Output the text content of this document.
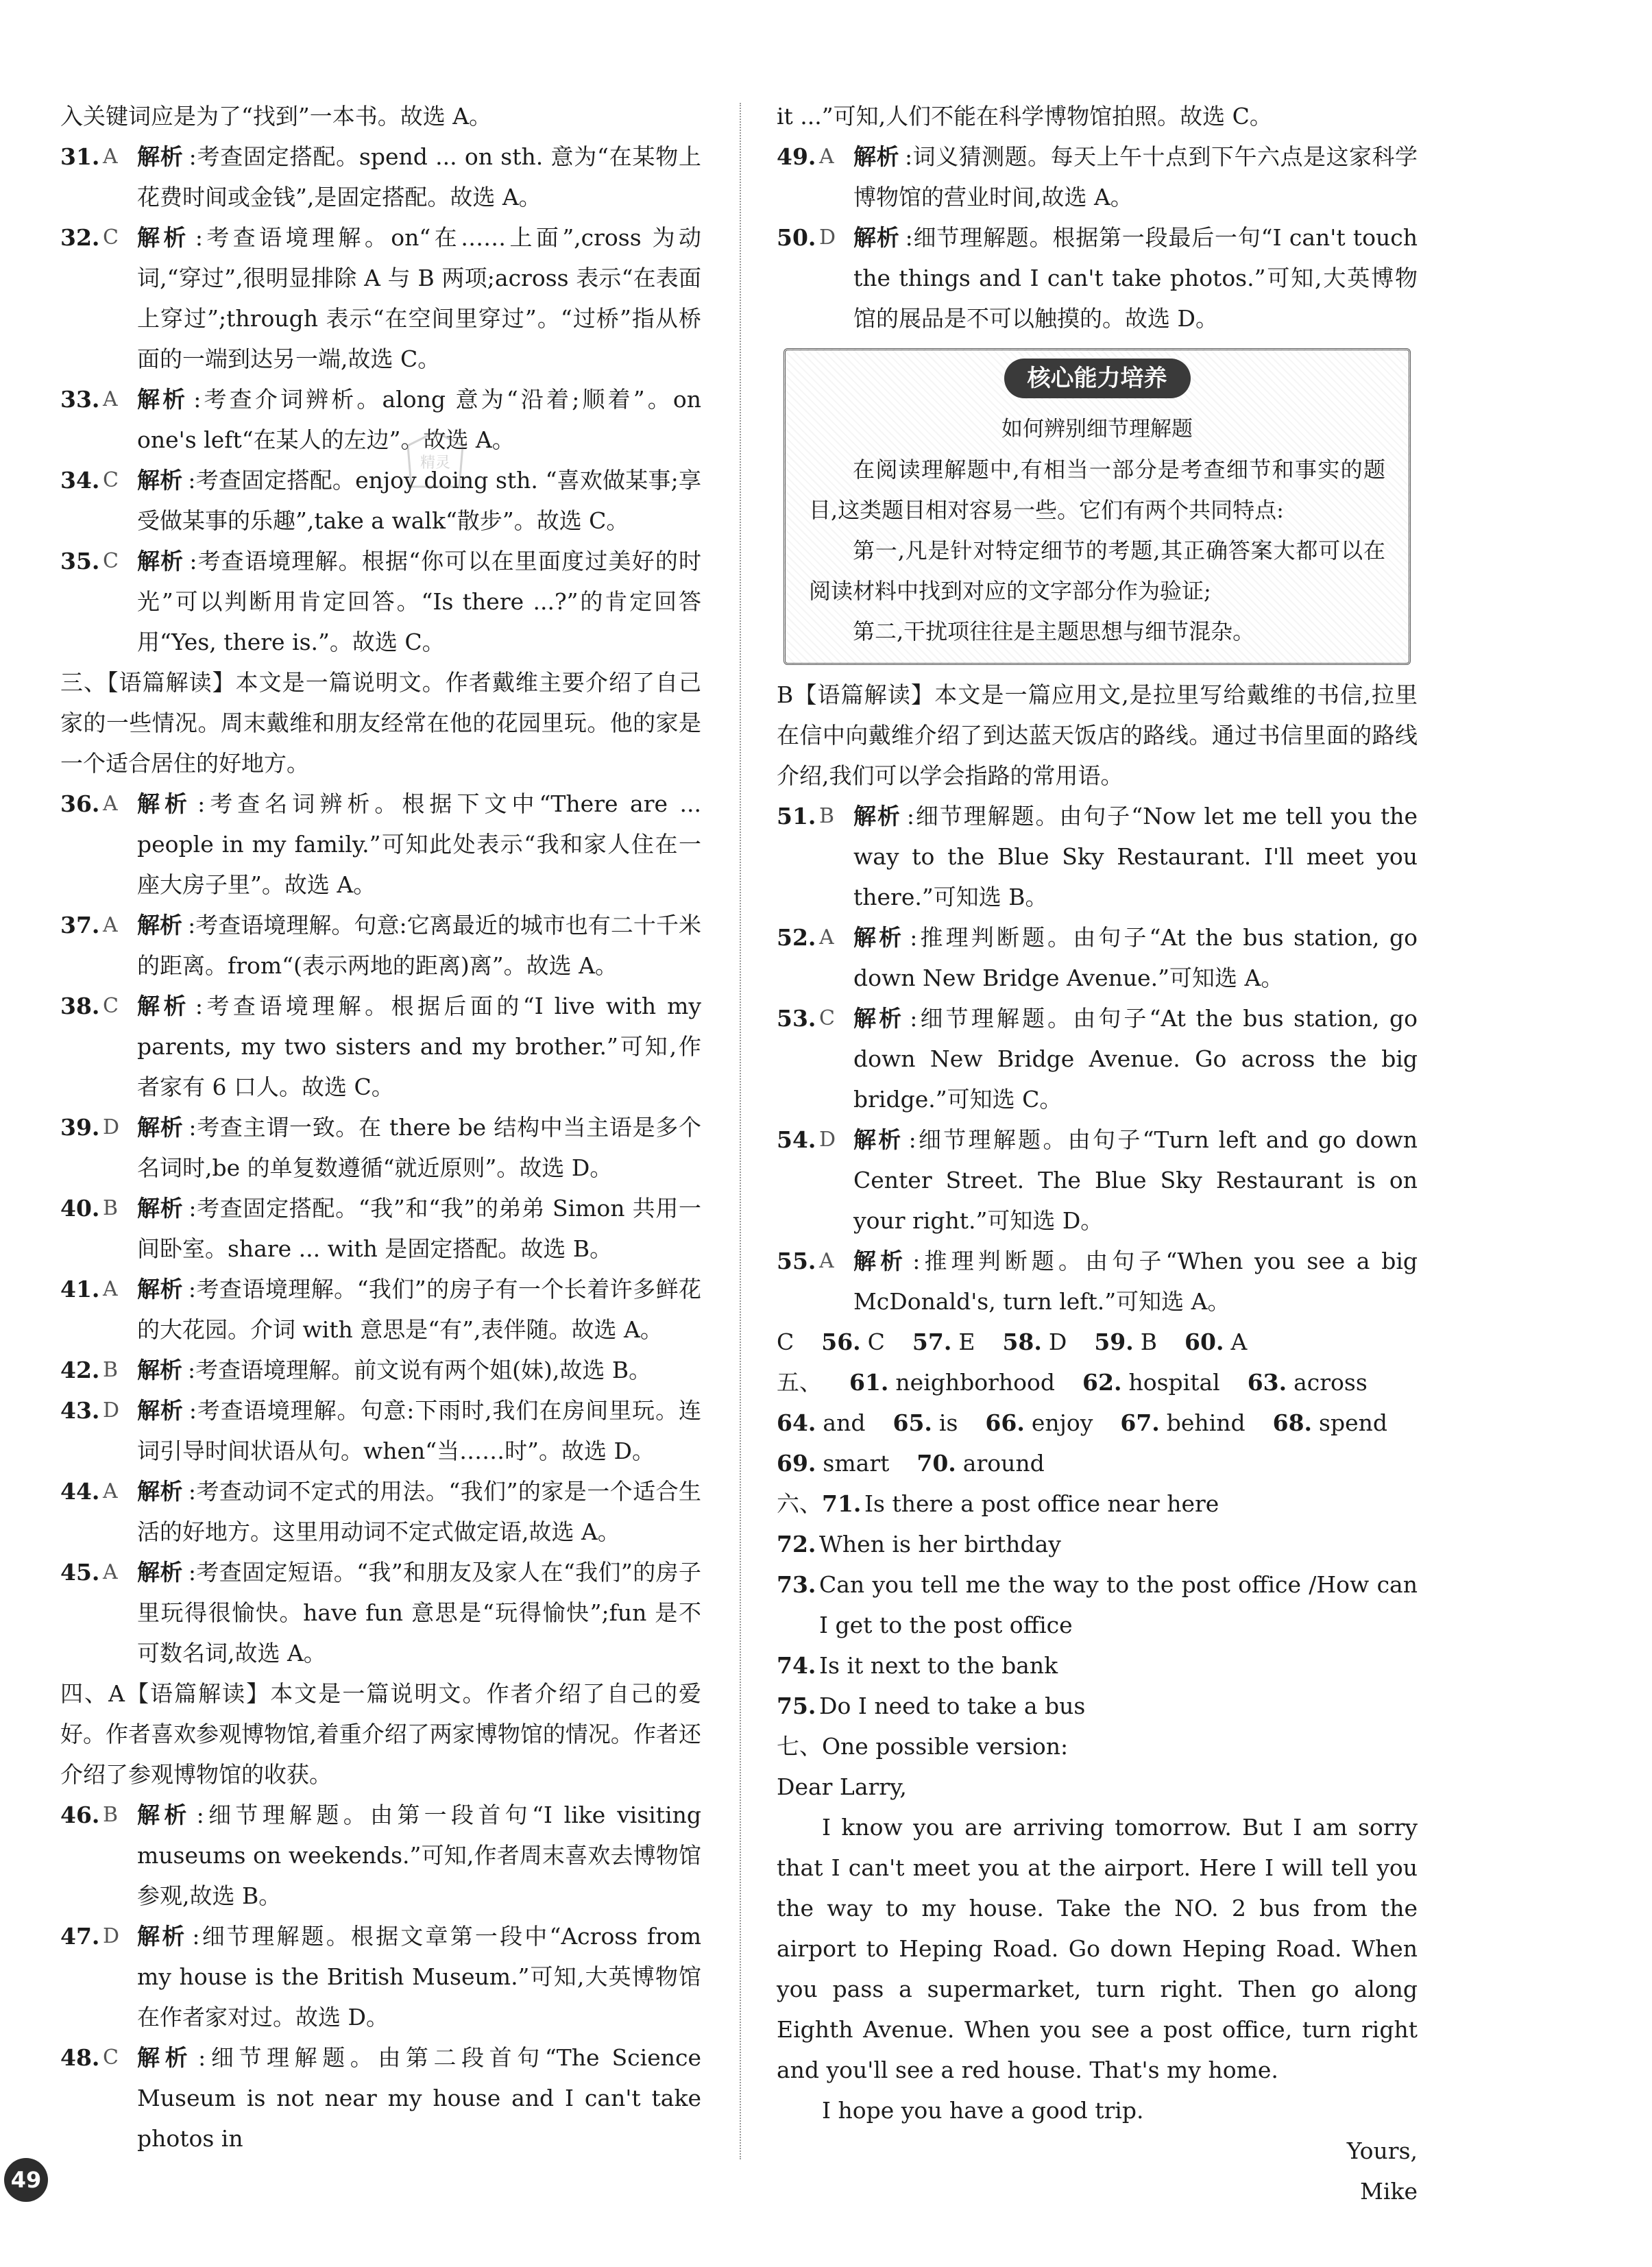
入关键词应是为了“找到”一本书。故选 A。
31. A 解析 :考查固定搭配。spend ... on sth. 意为“在某物上花费时间或金钱”,是固定搭配。故选 A。
32. C 解析 :考查语境理解。on“在……上面”,cross 为动词,“穿过”,很明显排除 A 与 B 两项;across 表示“在表面上穿过”;through 表示“在空间里穿过”。“过桥”指从桥面的一端到达另一端,故选 C。
33. A 解析 :考查介词辨析。along 意为“沿着;顺着”。on one's left“在某人的左边”。故选 A。
34. C 解析 :考查固定搭配。enjoy doing sth. “喜欢做某事;享受做某事的乐趣”,take a walk“散步”。故选 C。
35. C 解析 :考查语境理解。根据“你可以在里面度过美好的时光”可以判断用肯定回答。“Is there ...?”的肯定回答用“Yes, there is.”。故选 C。
三、【语篇解读】本文是一篇说明文。作者戴维主要介绍了自己家的一些情况。周末戴维和朋友经常在他的花园里玩。他的家是一个适合居住的好地方。
36. A 解析 :考查名词辨析。根据下文中“There are ... people in my family.”可知此处表示“我和家人住在一座大房子里”。故选 A。
37. A 解析 :考查语境理解。句意:它离最近的城市也有二十千米的距离。from“(表示两地的距离)离”。故选 A。
38. C 解析 :考查语境理解。根据后面的“I live with my parents, my two sisters and my brother.”可知,作者家有 6 口人。故选 C。
39. D 解析 :考查主谓一致。在 there be 结构中当主语是多个名词时,be 的单复数遵循“就近原则”。故选 D。
40. B 解析 :考查固定搭配。“我”和“我”的弟弟 Simon 共用一间卧室。share ... with 是固定搭配。故选 B。
41. A 解析 :考查语境理解。“我们”的房子有一个长着许多鲜花的大花园。介词 with 意思是“有”,表伴随。故选 A。
42. B 解析 :考查语境理解。前文说有两个姐(妹),故选 B。
43. D 解析 :考查语境理解。句意:下雨时,我们在房间里玩。连词引导时间状语从句。when“当……时”。故选 D。
44. A 解析 :考查动词不定式的用法。“我们”的家是一个适合生活的好地方。这里用动词不定式做定语,故选 A。
45. A 解析 :考查固定短语。“我”和朋友及家人在“我们”的房子里玩得很愉快。have fun 意思是“玩得愉快”;fun 是不可数名词,故选 A。
四、A【语篇解读】本文是一篇说明文。作者介绍了自己的爱好。作者喜欢参观博物馆,着重介绍了两家博物馆的情况。作者还介绍了参观博物馆的收获。
46. B 解析 :细节理解题。由第一段首句“I like visiting museums on weekends.”可知,作者周末喜欢去博物馆参观,故选 B。
47. D 解析 :细节理解题。根据文章第一段中“Across from my house is the British Museum.”可知,大英博物馆在作者家对过。故选 D。
48. C 解析 :细节理解题。由第二段首句“The Science Museum is not near my house and I can't take photos in
it ...”可知,人们不能在科学博物馆拍照。故选 C。
49. A 解析 :词义猜测题。每天上午十点到下午六点是这家科学博物馆的营业时间,故选 A。
50. D 解析 :细节理解题。根据第一段最后一句“I can't touch the things and I can't take photos.”可知,大英博物馆的展品是不可以触摸的。故选 D。
核心能力培养
如何辨别细节理解题
在阅读理解题中,有相当一部分是考查细节和事实的题目,这类题目相对容易一些。它们有两个共同特点:
第一,凡是针对特定细节的考题,其正确答案大都可以在阅读材料中找到对应的文字部分作为验证;
第二,干扰项往往是主题思想与细节混杂。
B【语篇解读】本文是一篇应用文,是拉里写给戴维的书信,拉里在信中向戴维介绍了到达蓝天饭店的路线。通过书信里面的路线介绍,我们可以学会指路的常用语。
51. B 解析 :细节理解题。由句子“Now let me tell you the way to the Blue Sky Restaurant. I'll meet you there.”可知选 B。
52. A 解析 :推理判断题。由句子“At the bus station, go down New Bridge Avenue.”可知选 A。
53. C 解析 :细节理解题。由句子“At the bus station, go down New Bridge Avenue. Go across the big bridge.”可知选 C。
54. D 解析 :细节理解题。由句子“Turn left and go down Center Street. The Blue Sky Restaurant is on your right.”可知选 D。
55. A 解析 :推理判断题。由句子“When you see a big McDonald's, turn left.”可知选 A。
C 56. C 57. E 58. D 59. B 60. A
五、 61. neighborhood 62. hospital 63. across
64. and 65. is 66. enjoy 67. behind 68. spend
69. smart 70. around
六、 71. Is there a post office near here
72. When is her birthday
73. Can you tell me the way to the post office /How can I get to the post office
74. Is it next to the bank
75. Do I need to take a bus
七、One possible version:
Dear Larry,
I know you are arriving tomorrow. But I am sorry that I can't meet you at the airport. Here I will tell you the way to my house. Take the NO. 2 bus from the airport to Heping Road. Go down Heping Road. When you pass a supermarket, turn right. Then go along Eighth Avenue. When you see a post office, turn right and you'll see a red house. That's my home.
I hope you have a good trip.
Yours,
Mike
精灵
49
